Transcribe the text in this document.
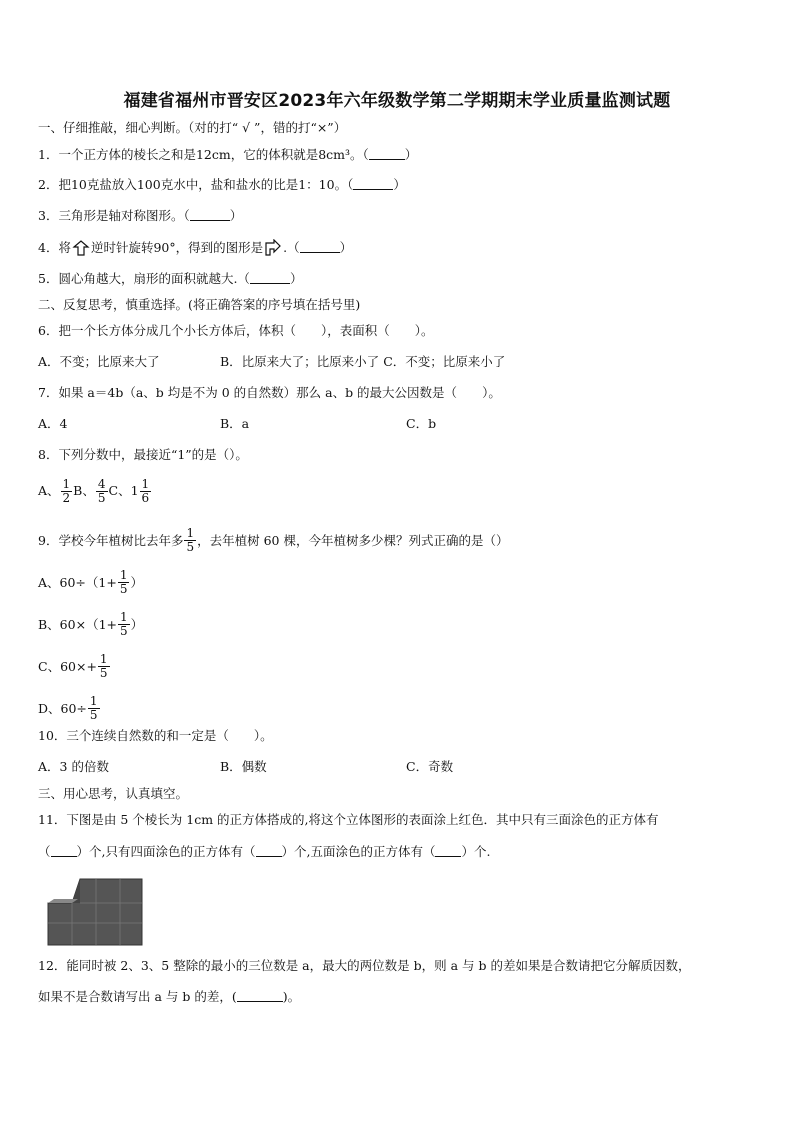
福建省福州市晋安区2023年六年级数学第二学期期末学业质量监测试题
一、仔细推敲，细心判断。（对的打“ √ ”，错的打“×”）
1．一个正方体的棱长之和是12cm，它的体积就是8cm³。（	）
2．把10克盐放入100克水中，盐和盐水的比是1：10。（	）
3．三角形是轴对称图形。（	）
4．将 逆时针旋转90°，得到的图形是 .（	）
5．圆心角越大，扇形的面积就越大.（	）
二、反复思考，慎重选择。(将正确答案的序号填在括号里)
6．把一个长方体分成几个小长方体后，体积（　　），表面积（　　）。
A．不变；比原来大了	B．比原来大了；比原来小了 C．不变；比原来小了
7．如果 a＝4b（a、b 均是不为 0 的自然数）那么 a、b 的最大公因数是（　　）。
A．4	B．a	C．b
8．下列分数中，最接近“1”的是（）。
A、 $\frac{1}{2}$ B、 $\frac{4}{5}$ C、$1 \frac{1}{6}$
9．学校今年植树比去年多 $\frac{1}{5}$ ，去年植树 60 棵，今年植树多少棵？列式正确的是（）
A、$60\div(1+ \frac{1}{5}$ ）
B、$60\times(1+ \frac{1}{5}$ ）
C、$60\times+ \frac{1}{5}$
D、$60\div \frac{1}{5}$
10．三个连续自然数的和一定是（　　）。
A．3 的倍数	B．偶数	C．奇数
三、用心思考，认真填空。
11．下图是由 5 个棱长为 1cm 的正方体搭成的,将这个立体图形的表面涂上红色．其中只有三面涂色的正方体有
（ ）个,只有四面涂色的正方体有（ ）个,五面涂色的正方体有（ ）个.
12．能同时被 2、3、5 整除的最小的三位数是 a，最大的两位数是 b，则 a 与 b 的差如果是合数请把它分解质因数，
如果不是合数请写出 a 与 b 的差，(	)。
